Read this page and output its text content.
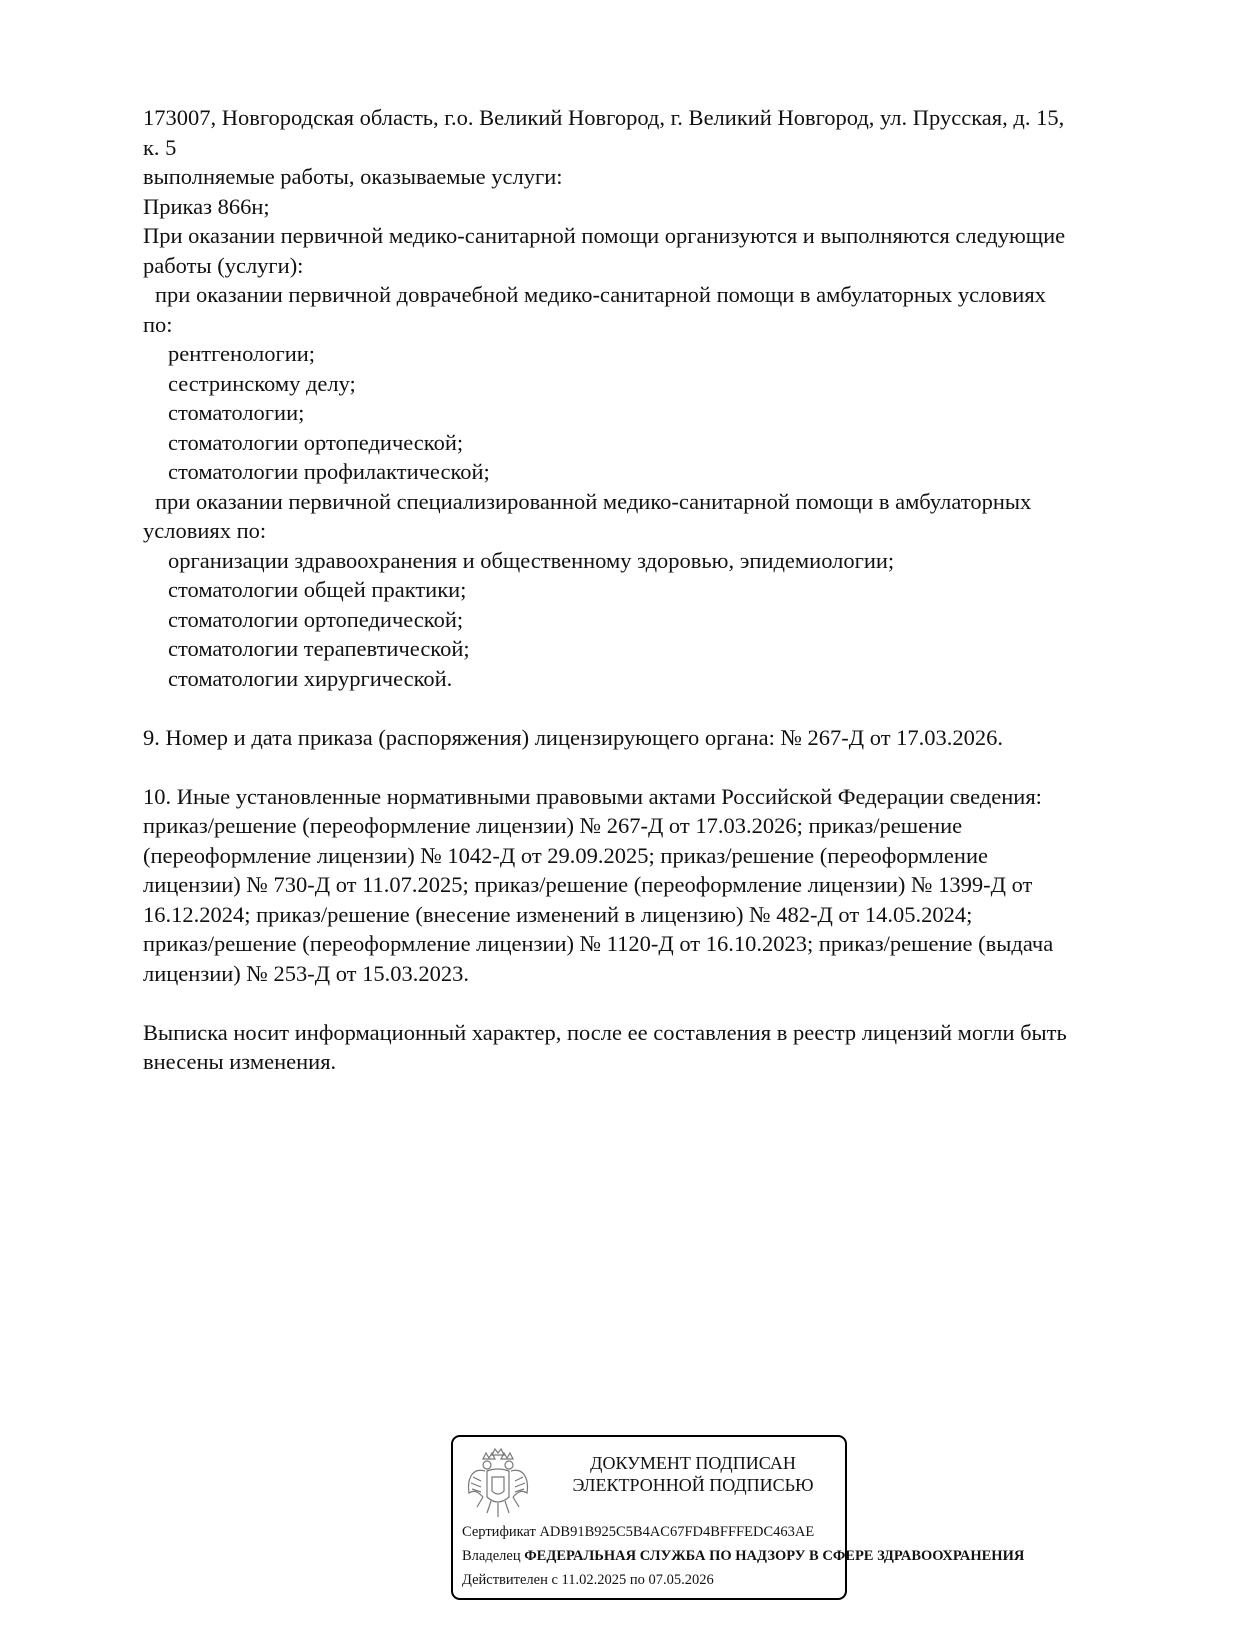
173007, Новгородская область, г.о. Великий Новгород, г. Великий Новгород, ул. Прусская, д. 15,
к. 5
выполняемые работы, оказываемые услуги:
Приказ 866н;
При оказании первичной медико-санитарной помощи организуются и выполняются следующие
работы (услуги):
при оказании первичной доврачебной медико-санитарной помощи в амбулаторных условиях
по:
рентгенологии;
сестринскому делу;
стоматологии;
стоматологии ортопедической;
стоматологии профилактической;
при оказании первичной специализированной медико-санитарной помощи в амбулаторных
условиях по:
организации здравоохранения и общественному здоровью, эпидемиологии;
стоматологии общей практики;
стоматологии ортопедической;
стоматологии терапевтической;
стоматологии хирургической.
9. Номер и дата приказа (распоряжения) лицензирующего органа: № 267-Д от 17.03.2026.
10. Иные установленные нормативными правовыми актами Российской Федерации сведения:
приказ/решение (переоформление лицензии) № 267-Д от 17.03.2026; приказ/решение
(переоформление лицензии) № 1042-Д от 29.09.2025; приказ/решение (переоформление
лицензии) № 730-Д от 11.07.2025; приказ/решение (переоформление лицензии) № 1399-Д от
16.12.2024; приказ/решение (внесение изменений в лицензию) № 482-Д от 14.05.2024;
приказ/решение (переоформление лицензии) № 1120-Д от 16.10.2023; приказ/решение (выдача
лицензии) № 253-Д от 15.03.2023.
Выписка носит информационный характер, после ее составления в реестр лицензий могли быть
внесены изменения.
ДОКУМЕНТ ПОДПИСАН
ЭЛЕКТРОННОЙ ПОДПИСЬЮ
Сертификат ADB91B925C5B4AC67FD4BFFFEDC463AE
Владелец ФЕДЕРАЛЬНАЯ СЛУЖБА ПО НАДЗОРУ В СФЕРЕ ЗДРАВООХРАНЕНИЯ
Действителен с 11.02.2025 по 07.05.2026
